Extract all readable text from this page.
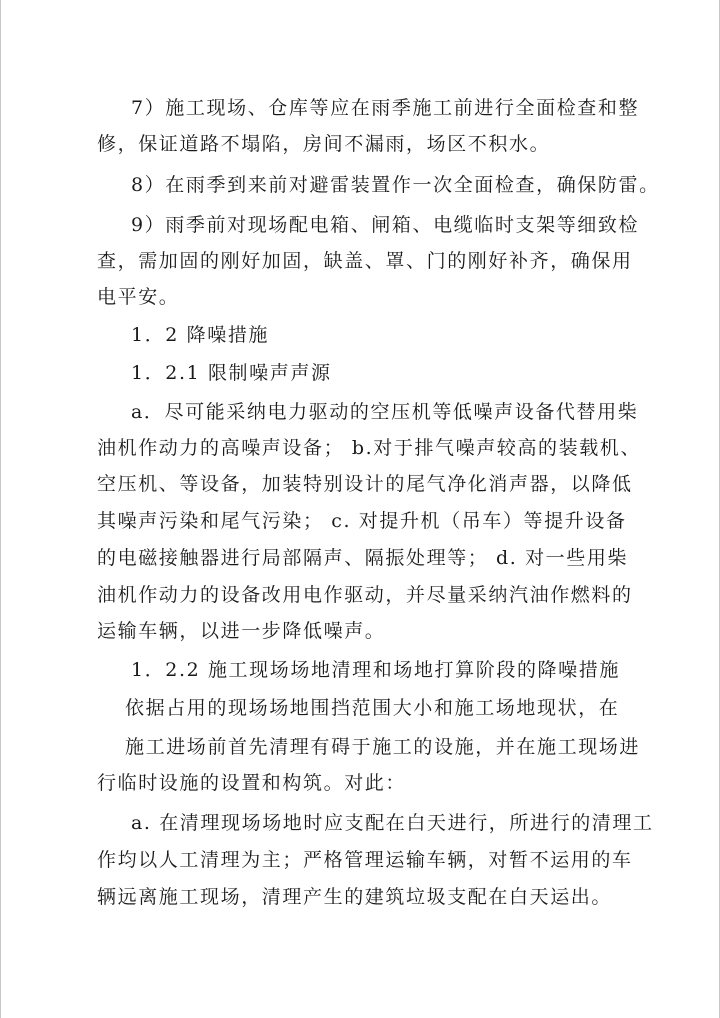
7）施工现场、仓库等应在雨季施工前进行全面检查和整
修，保证道路不塌陷，房间不漏雨，场区不积水。
8）在雨季到来前对避雷装置作一次全面检查，确保防雷。
9）雨季前对现场配电箱、闸箱、电缆临时支架等细致检
查，需加固的刚好加固，缺盖、罩、门的刚好补齐，确保用
电平安。
1．2 降噪措施
1．2.1 限制噪声声源
a．尽可能采纳电力驱动的空压机等低噪声设备代替用柴
油机作动力的高噪声设备； b.对于排气噪声较高的装载机、
空压机、等设备，加装特别设计的尾气净化消声器，以降低
其噪声污染和尾气污染； c. 对提升机（吊车）等提升设备
的电磁接触器进行局部隔声、隔振处理等； d. 对一些用柴
油机作动力的设备改用电作驱动，并尽量采纳汽油作燃料的
运输车辆，以进一步降低噪声。
1．2.2 施工现场场地清理和场地打算阶段的降噪措施
依据占用的现场场地围挡范围大小和施工场地现状，在
施工进场前首先清理有碍于施工的设施，并在施工现场进
行临时设施的设置和构筑。对此：
a. 在清理现场场地时应支配在白天进行，所进行的清理工
作均以人工清理为主；严格管理运输车辆，对暂不运用的车
辆远离施工现场，清理产生的建筑垃圾支配在白天运出。
